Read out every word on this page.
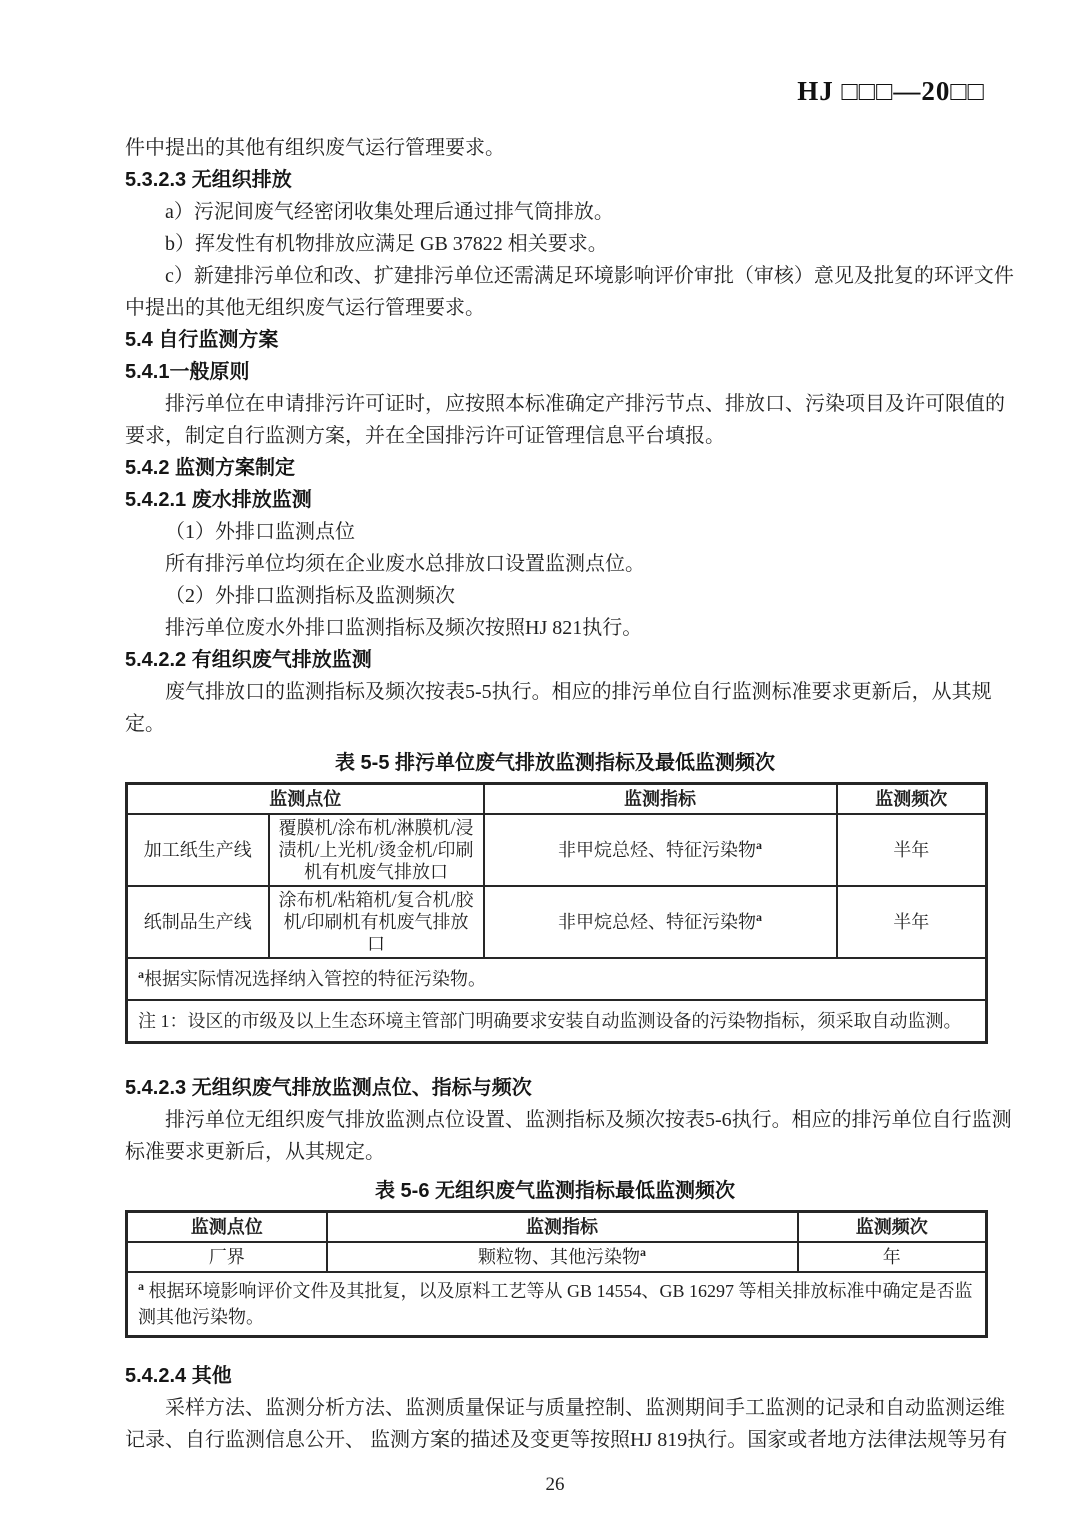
HJ □□□—20□□
件中提出的其他有组织废气运行管理要求。
5.3.2.3 无组织排放
a）污泥间废气经密闭收集处理后通过排气筒排放。
b）挥发性有机物排放应满足 GB 37822 相关要求。
c）新建排污单位和改、扩建排污单位还需满足环境影响评价审批（审核）意见及批复的环评文件
中提出的其他无组织废气运行管理要求。
5.4 自行监测方案
5.4.1一般原则
排污单位在申请排污许可证时，应按照本标准确定产排污节点、排放口、污染项目及许可限值的
要求，制定自行监测方案，并在全国排污许可证管理信息平台填报。
5.4.2 监测方案制定
5.4.2.1 废水排放监测
（1）外排口监测点位
所有排污单位均须在企业废水总排放口设置监测点位。
（2）外排口监测指标及监测频次
排污单位废水外排口监测指标及频次按照HJ 821执行。
5.4.2.2 有组织废气排放监测
废气排放口的监测指标及频次按表5-5执行。相应的排污单位自行监测标准要求更新后，从其规
定。
表 5-5 排污单位废气排放监测指标及最低监测频次
监测点位		监测指标	监测频次
加工纸生产线	覆膜机/涂布机/淋膜机/浸渍机/上光机/烫金机/印刷机有机废气排放口	非甲烷总烃、特征污染物$^a$	半年
纸制品生产线	涂布机/粘箱机/复合机/胶机/印刷机有机废气排放口	非甲烷总烃、特征污染物$^a$	半年
$^a$根据实际情况选择纳入管控的特征污染物。			
注 1：设区的市级及以上生态环境主管部门明确要求安装自动监测设备的污染物指标，须采取自动监测。			
5.4.2.3 无组织废气排放监测点位、指标与频次
排污单位无组织废气排放监测点位设置、监测指标及频次按表5-6执行。相应的排污单位自行监测
标准要求更新后，从其规定。
表 5-6 无组织废气监测指标最低监测频次
监测点位	监测指标	监测频次
厂界	颗粒物、其他污染物$^a$	年
$^a$ 根据环境影响评价文件及其批复，以及原料工艺等从 GB 14554、GB 16297 等相关排放标准中确定是否监测其他污染物。		
5.4.2.4 其他
采样方法、监测分析方法、监测质量保证与质量控制、监测期间手工监测的记录和自动监测运维
记录、自行监测信息公开、 监测方案的描述及变更等按照HJ 819执行。国家或者地方法律法规等另有
26
